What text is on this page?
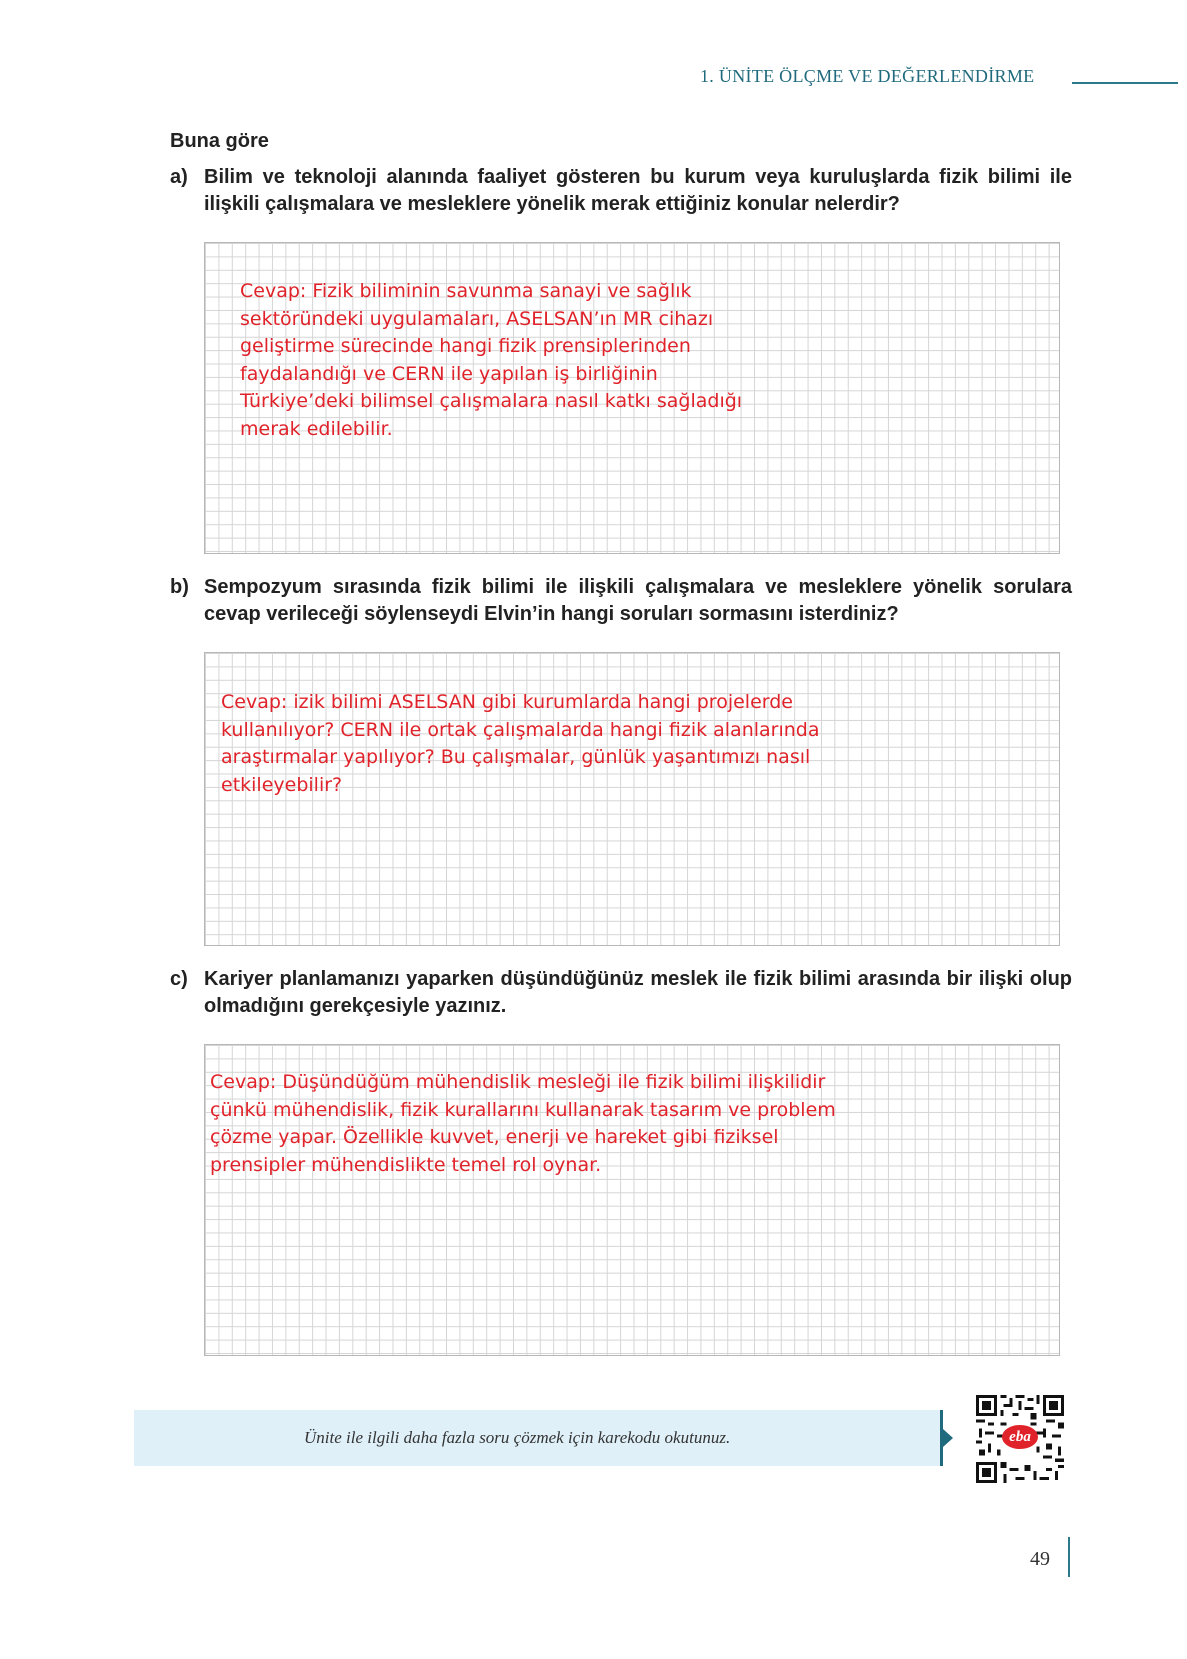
1. ÜNİTE ÖLÇME VE DEĞERLENDİRME
Buna göre
a) Bilim ve teknoloji alanında faaliyet gösteren bu kurum veya kuruluşlarda fizik bilimi ile ilişkili çalışmalara ve mesleklere yönelik merak ettiğiniz konular nelerdir?
Cevap: Fizik biliminin savunma sanayi ve sağlık
sektöründeki uygulamaları, ASELSAN’ın MR cihazı
geliştirme sürecinde hangi fizik prensiplerinden
faydalandığı ve CERN ile yapılan iş birliğinin
Türkiye’deki bilimsel çalışmalara nasıl katkı sağladığı
merak edilebilir.
b) Sempozyum sırasında fizik bilimi ile ilişkili çalışmalara ve mesleklere yönelik sorulara cevap verileceği söylenseydi Elvin’in hangi soruları sormasını isterdiniz?
Cevap: izik bilimi ASELSAN gibi kurumlarda hangi projelerde
kullanılıyor? CERN ile ortak çalışmalarda hangi fizik alanlarında
araştırmalar yapılıyor? Bu çalışmalar, günlük yaşantımızı nasıl
etkileyebilir?
c) Kariyer planlamanızı yaparken düşündüğünüz meslek ile fizik bilimi arasında bir ilişki olup olmadığını gerekçesiyle yazınız.
Cevap: Düşündüğüm mühendislik mesleği ile fizik bilimi ilişkilidir
çünkü mühendislik, fizik kurallarını kullanarak tasarım ve problem
çözme yapar. Özellikle kuvvet, enerji ve hareket gibi fiziksel
prensipler mühendislikte temel rol oynar.
Ünite ile ilgili daha fazla soru çözmek için karekodu okutunuz.	eba
49
